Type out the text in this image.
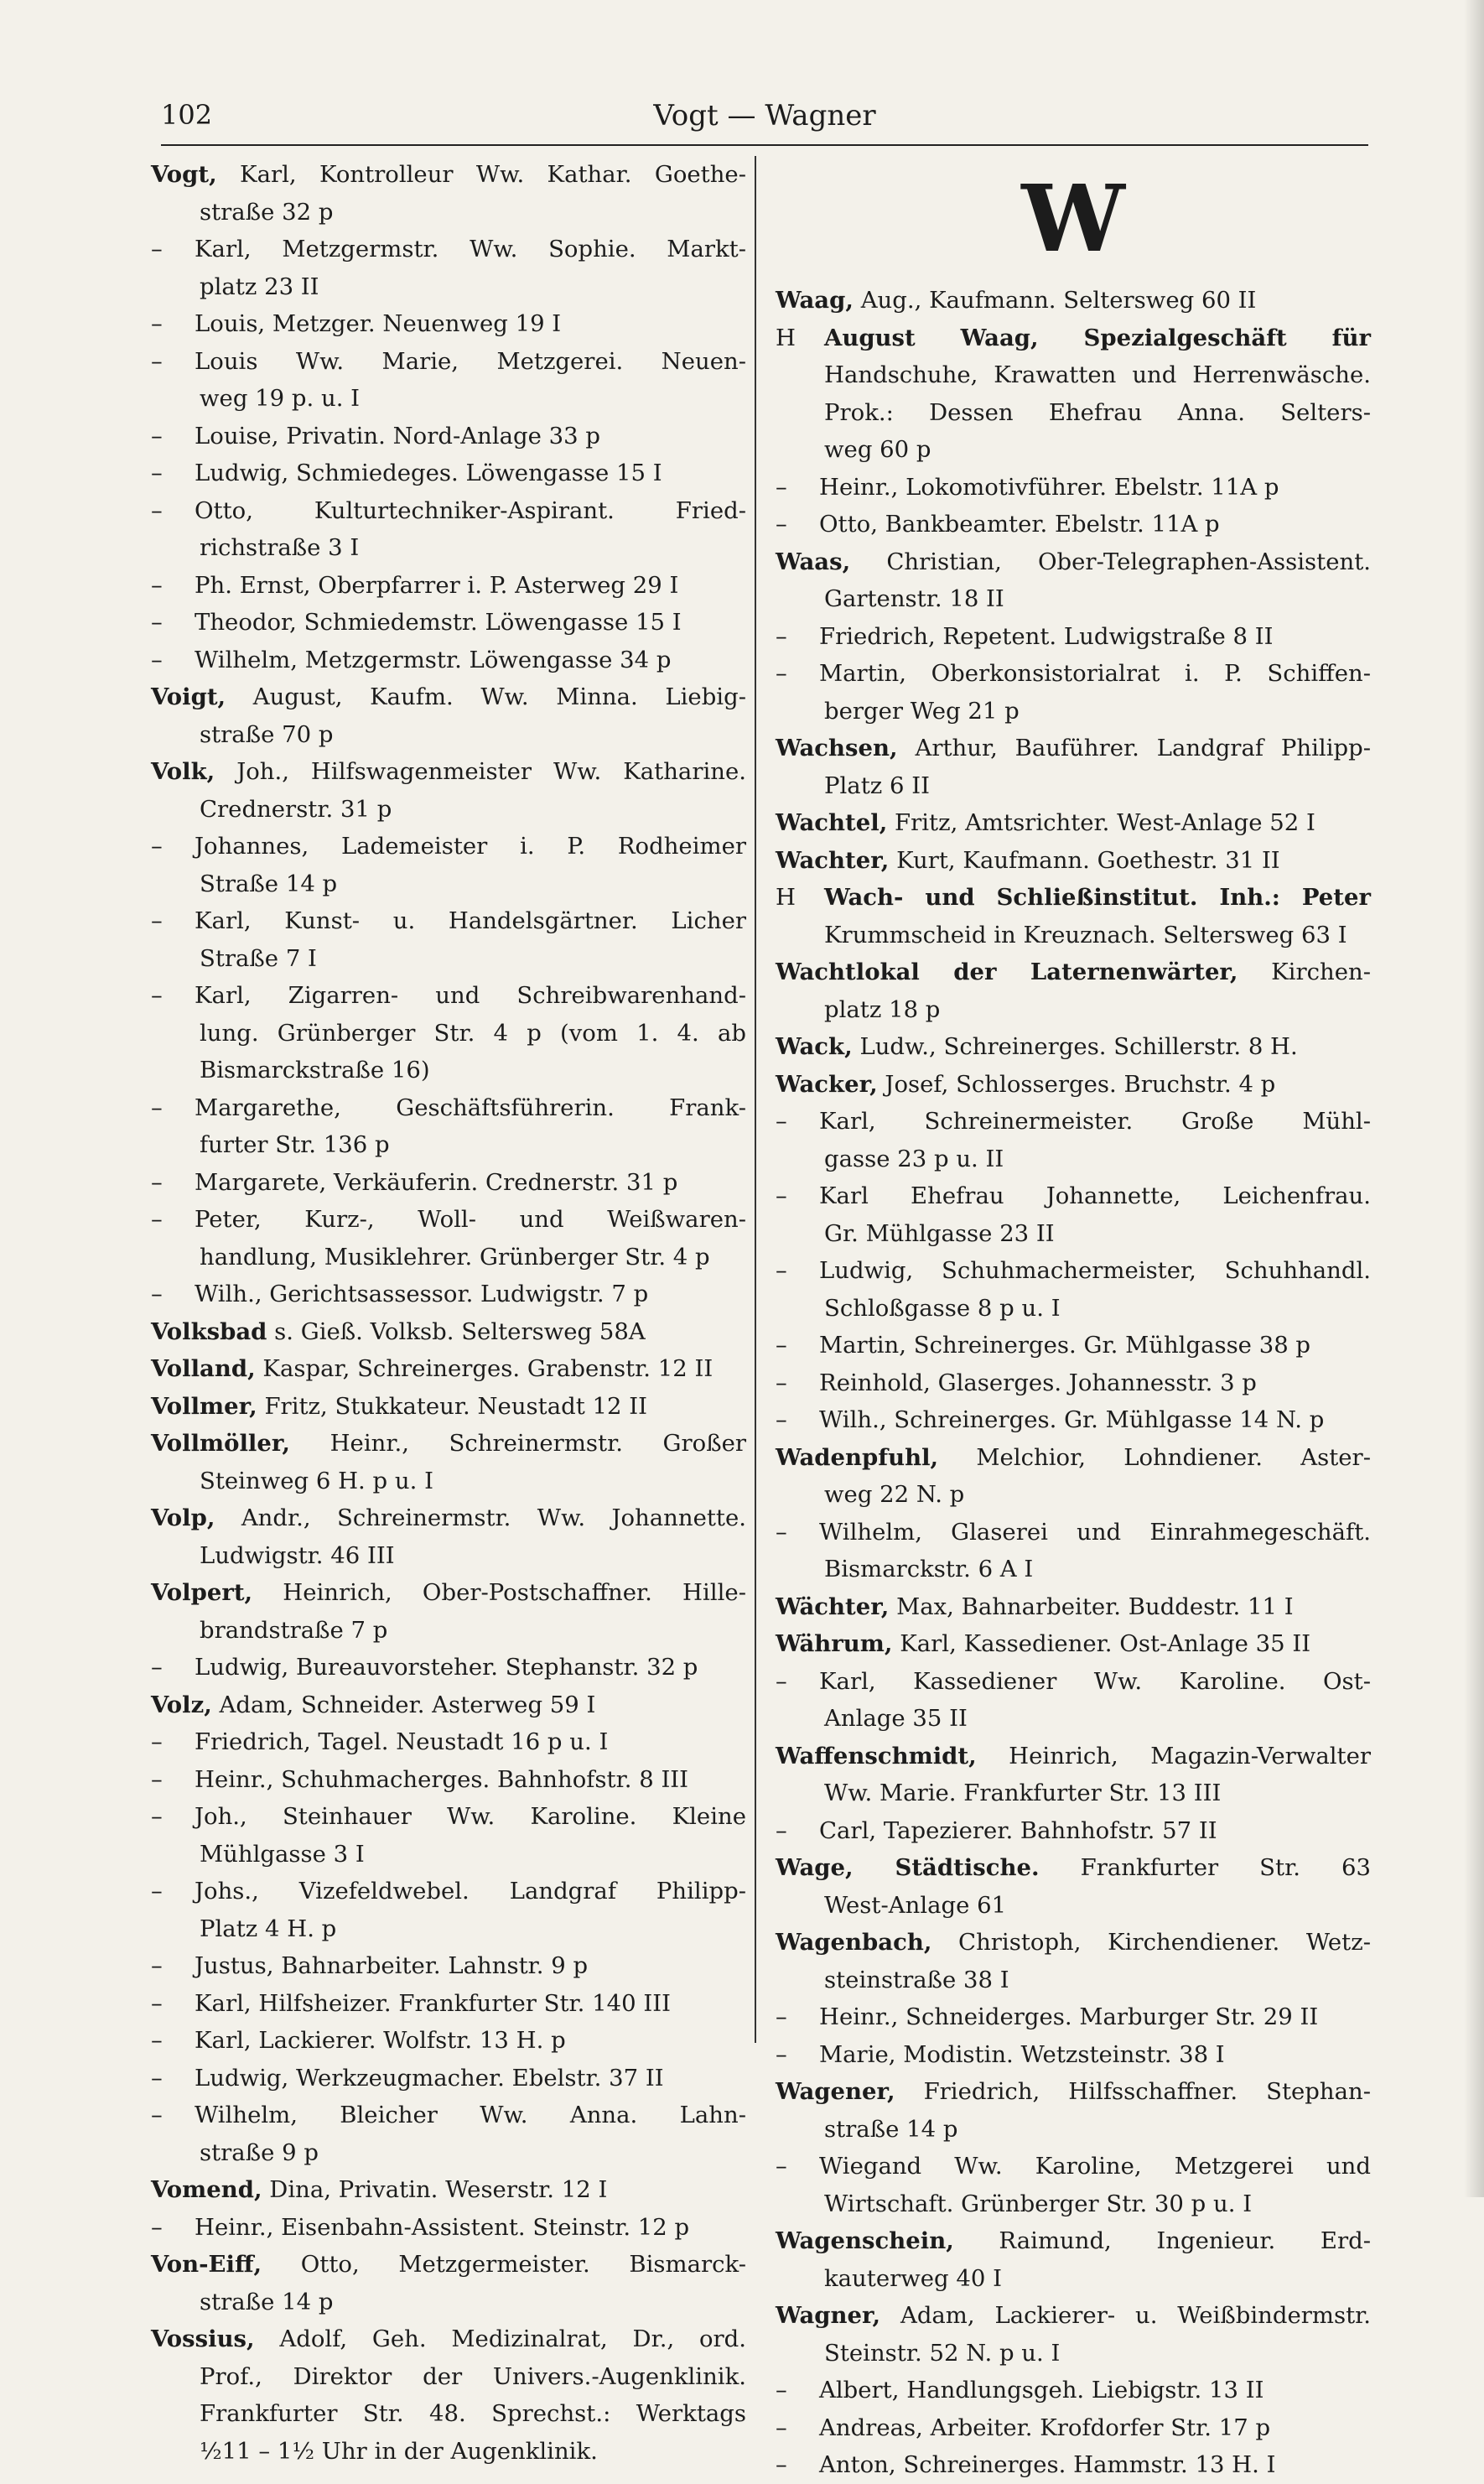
102	Vogt — Wagner
Vogt, Karl, Kontrolleur Ww. Kathar. Goethe-
straße 32 p
– Karl, Metzgermstr. Ww. Sophie. Markt-
platz 23 II
– Louis, Metzger. Neuenweg 19 I
– Louis Ww. Marie, Metzgerei. Neuen-
weg 19 p. u. I
– Louise, Privatin. Nord-Anlage 33 p
– Ludwig, Schmiedeges. Löwengasse 15 I
– Otto, Kulturtechniker-Aspirant. Fried-
richstraße 3 I
– Ph. Ernst, Oberpfarrer i. P. Asterweg 29 I
– Theodor, Schmiedemstr. Löwengasse 15 I
– Wilhelm, Metzgermstr. Löwengasse 34 p
Voigt, August, Kaufm. Ww. Minna. Liebig-
straße 70 p
Volk, Joh., Hilfswagenmeister Ww. Katharine.
Crednerstr. 31 p
– Johannes, Lademeister i. P. Rodheimer
Straße 14 p
– Karl, Kunst- u. Handelsgärtner. Licher
Straße 7 I
– Karl, Zigarren- und Schreibwarenhand-
lung. Grünberger Str. 4 p (vom 1. 4. ab
Bismarckstraße 16)
– Margarethe, Geschäftsführerin. Frank-
furter Str. 136 p
– Margarete, Verkäuferin. Crednerstr. 31 p
– Peter, Kurz-, Woll- und Weißwaren-
handlung, Musiklehrer. Grünberger Str. 4 p
– Wilh., Gerichtsassessor. Ludwigstr. 7 p
Volksbad s. Gieß. Volksb. Seltersweg 58A
Volland, Kaspar, Schreinerges. Grabenstr. 12 II
Vollmer, Fritz, Stukkateur. Neustadt 12 II
Vollmöller, Heinr., Schreinermstr. Großer
Steinweg 6 H. p u. I
Volp, Andr., Schreinermstr. Ww. Johannette.
Ludwigstr. 46 III
Volpert, Heinrich, Ober-Postschaffner. Hille-
brandstraße 7 p
– Ludwig, Bureauvorsteher. Stephanstr. 32 p
Volz, Adam, Schneider. Asterweg 59 I
– Friedrich, Tagel. Neustadt 16 p u. I
– Heinr., Schuhmacherges. Bahnhofstr. 8 III
– Joh., Steinhauer Ww. Karoline. Kleine
Mühlgasse 3 I
– Johs., Vizefeldwebel. Landgraf Philipp-
Platz 4 H. p
– Justus, Bahnarbeiter. Lahnstr. 9 p
– Karl, Hilfsheizer. Frankfurter Str. 140 III
– Karl, Lackierer. Wolfstr. 13 H. p
– Ludwig, Werkzeugmacher. Ebelstr. 37 II
– Wilhelm, Bleicher Ww. Anna. Lahn-
straße 9 p
Vomend, Dina, Privatin. Weserstr. 12 I
– Heinr., Eisenbahn-Assistent. Steinstr. 12 p
Von-Eiff, Otto, Metzgermeister. Bismarck-
straße 14 p
Vossius, Adolf, Geh. Medizinalrat, Dr., ord.
Prof., Direktor der Univers.-Augenklinik.
Frankfurter Str. 48. Sprechst.: Werktags
½11 – 1½ Uhr in der Augenklinik.
W
Waag, Aug., Kaufmann. Seltersweg 60 II
H August Waag, Spezialgeschäft für
Handschuhe, Krawatten und Herrenwäsche.
Prok.: Dessen Ehefrau Anna. Selters-
weg 60 p
– Heinr., Lokomotivführer. Ebelstr. 11A p
– Otto, Bankbeamter. Ebelstr. 11A p
Waas, Christian, Ober-Telegraphen-Assistent.
Gartenstr. 18 II
– Friedrich, Repetent. Ludwigstraße 8 II
– Martin, Oberkonsistorialrat i. P. Schiffen-
berger Weg 21 p
Wachsen, Arthur, Bauführer. Landgraf Philipp-
Platz 6 II
Wachtel, Fritz, Amtsrichter. West-Anlage 52 I
Wachter, Kurt, Kaufmann. Goethestr. 31 II
H Wach- und Schließinstitut. Inh.: Peter
Krummscheid in Kreuznach. Seltersweg 63 I
Wachtlokal der Laternenwärter, Kirchen-
platz 18 p
Wack, Ludw., Schreinerges. Schillerstr. 8 H.
Wacker, Josef, Schlosserges. Bruchstr. 4 p
– Karl, Schreinermeister. Große Mühl-
gasse 23 p u. II
– Karl Ehefrau Johannette, Leichenfrau.
Gr. Mühlgasse 23 II
– Ludwig, Schuhmachermeister, Schuhhandl.
Schloßgasse 8 p u. I
– Martin, Schreinerges. Gr. Mühlgasse 38 p
– Reinhold, Glaserges. Johannesstr. 3 p
– Wilh., Schreinerges. Gr. Mühlgasse 14 N. p
Wadenpfuhl, Melchior, Lohndiener. Aster-
weg 22 N. p
– Wilhelm, Glaserei und Einrahmegeschäft.
Bismarckstr. 6 A I
Wächter, Max, Bahnarbeiter. Buddestr. 11 I
Währum, Karl, Kassediener. Ost-Anlage 35 II
– Karl, Kassediener Ww. Karoline. Ost-
Anlage 35 II
Waffenschmidt, Heinrich, Magazin-Verwalter
Ww. Marie. Frankfurter Str. 13 III
– Carl, Tapezierer. Bahnhofstr. 57 II
Wage, Städtische. Frankfurter Str. 63
West-Anlage 61
Wagenbach, Christoph, Kirchendiener. Wetz-
steinstraße 38 I
– Heinr., Schneiderges. Marburger Str. 29 II
– Marie, Modistin. Wetzsteinstr. 38 I
Wagener, Friedrich, Hilfsschaffner. Stephan-
straße 14 p
– Wiegand Ww. Karoline, Metzgerei und
Wirtschaft. Grünberger Str. 30 p u. I
Wagenschein, Raimund, Ingenieur. Erd-
kauterweg 40 I
Wagner, Adam, Lackierer- u. Weißbindermstr.
Steinstr. 52 N. p u. I
– Albert, Handlungsgeh. Liebigstr. 13 II
– Andreas, Arbeiter. Krofdorfer Str. 17 p
– Anton, Schreinerges. Hammstr. 13 H. I
